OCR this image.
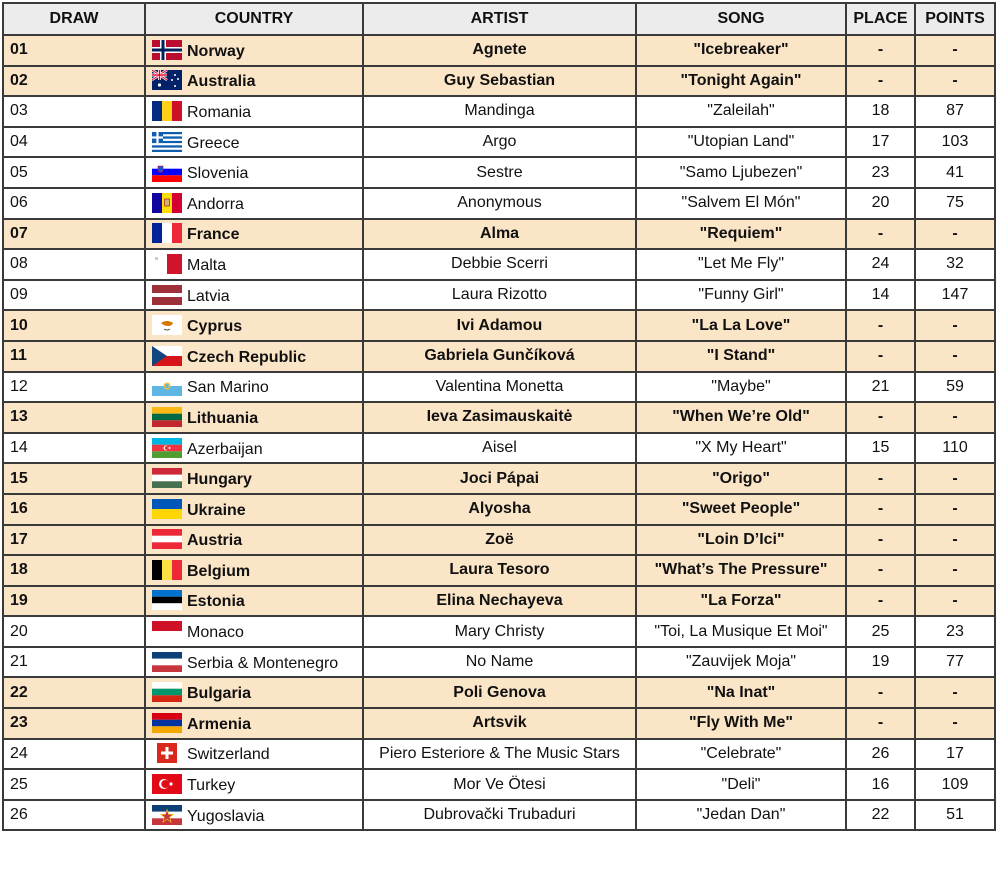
DRAW	COUNTRY	ARTIST	SONG	PLACE	POINTS
01	Norway	Agnete	"Icebreaker"	-	-
02	Australia	Guy Sebastian	"Tonight Again"	-	-
03	Romania	Mandinga	"Zaleilah"	18	87
04	Greece	Argo	"Utopian Land"	17	103
05	Slovenia	Sestre	"Samo Ljubezen"	23	41
06	Andorra	Anonymous	"Salvem El Món"	20	75
07	France	Alma	"Requiem"	-	-
08	Malta	Debbie Scerri	"Let Me Fly"	24	32
09	Latvia	Laura Rizotto	"Funny Girl"	14	147
10	Cyprus	Ivi Adamou	"La La Love"	-	-
11	Czech Republic	Gabriela Gunčíková	"I Stand"	-	-
12	San Marino	Valentina Monetta	"Maybe"	21	59
13	Lithuania	Ieva Zasimauskaitė	"When We’re Old"	-	-
14	Azerbaijan	Aisel	"X My Heart"	15	110
15	Hungary	Joci Pápai	"Origo"	-	-
16	Ukraine	Alyosha	"Sweet People"	-	-
17	Austria	Zoë	"Loin D’Ici"	-	-
18	Belgium	Laura Tesoro	"What’s The Pressure"	-	-
19	Estonia	Elina Nechayeva	"La Forza"	-	-
20	Monaco	Mary Christy	"Toi, La Musique Et Moi"	25	23
21	Serbia & Montenegro	No Name	"Zauvijek Moja"	19	77
22	Bulgaria	Poli Genova	"Na Inat"	-	-
23	Armenia	Artsvik	"Fly With Me"	-	-
24	Switzerland	Piero Esteriore & The Music Stars	"Celebrate"	26	17
25	Turkey	Mor Ve Ötesi	"Deli"	16	109
26	Yugoslavia	Dubrovački Trubaduri	"Jedan Dan"	22	51
